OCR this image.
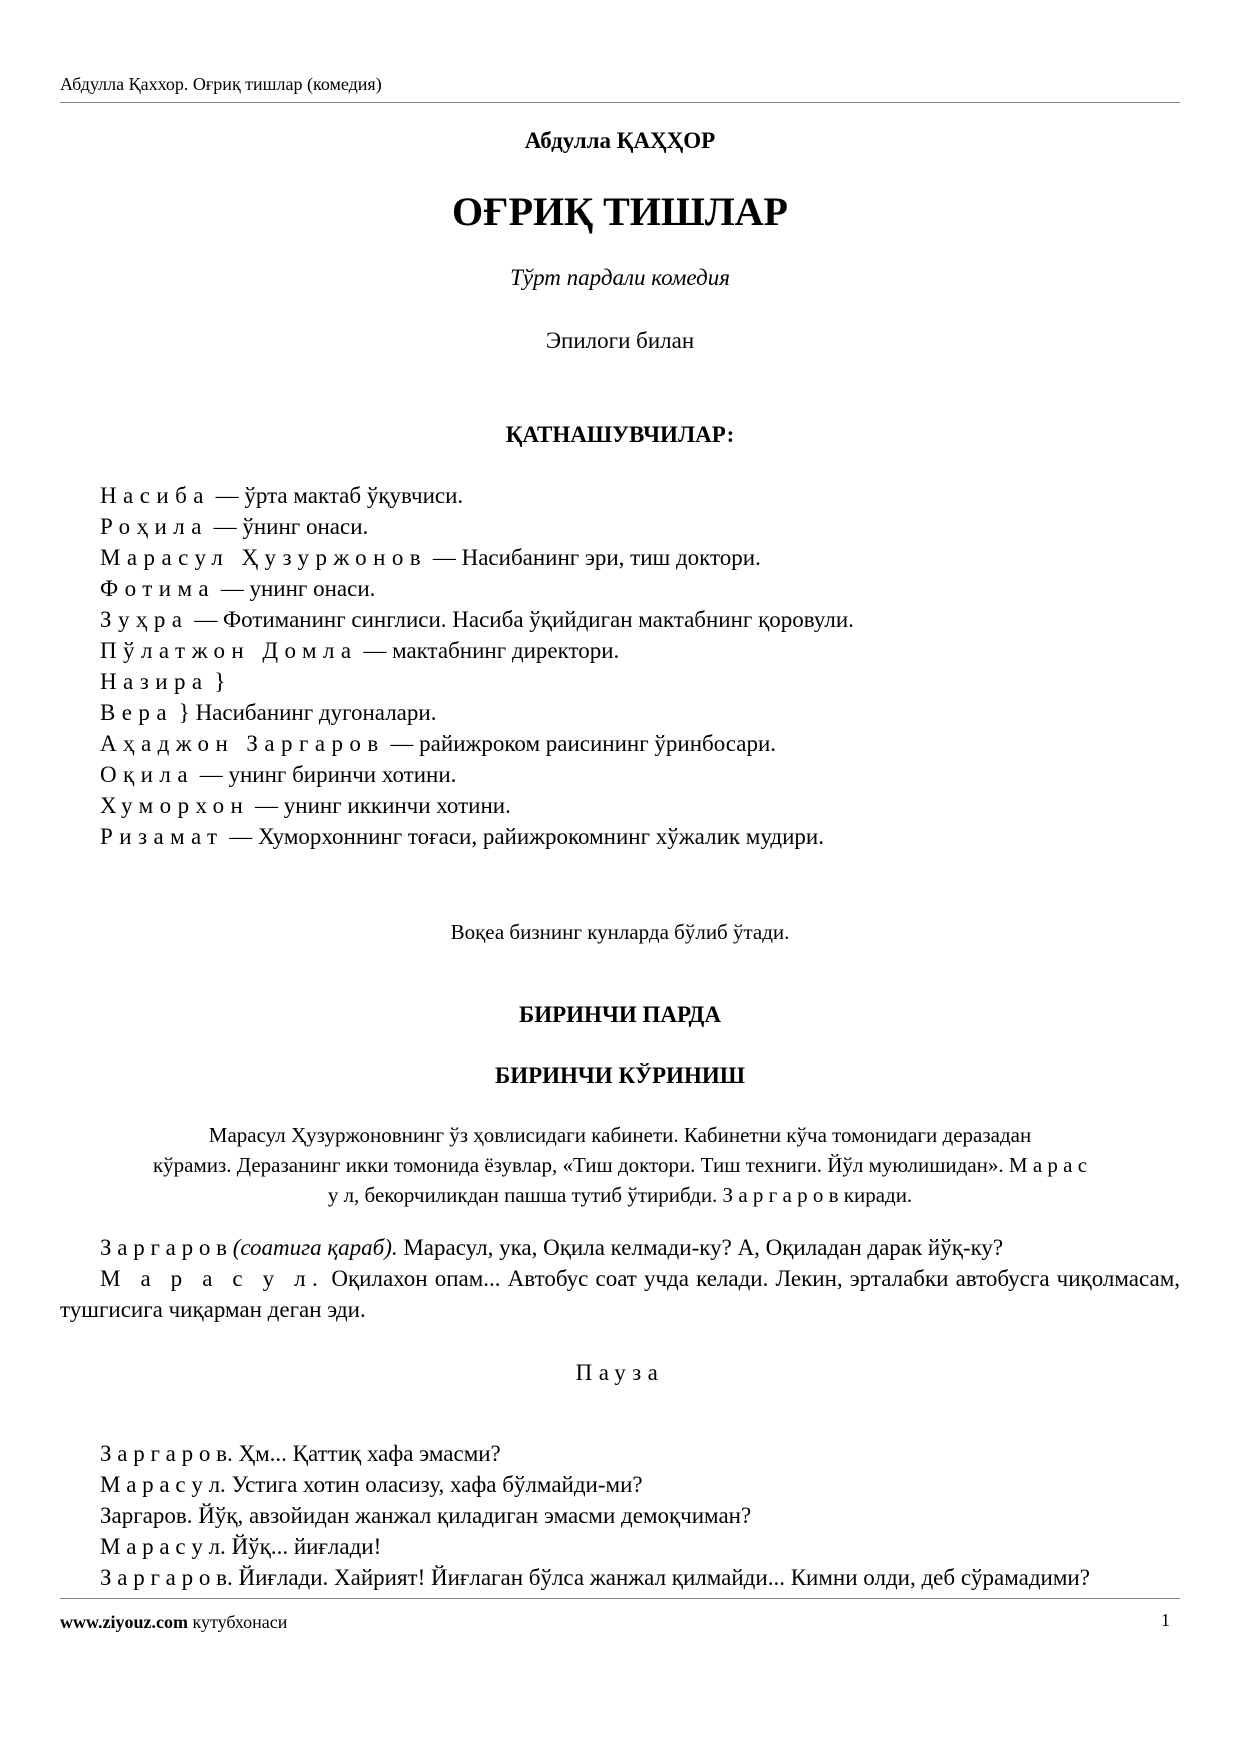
Абдулла Қаххор. Оғриқ тишлар (комедия)
Абдулла ҚАҲҲОР
ОҒРИҚ ТИШЛАР
Тўрт пардали комедия
Эпилоги билан
ҚАТНАШУВЧИЛАР:
Насиба — ўрта мактаб ўқувчиси.
Роҳила — ўнинг онаси.
Марасул Ҳузуржонов — Насибанинг эри, тиш доктори.
Фотима — унинг онаси.
Зуҳра — Фотиманинг синглиси. Насиба ўқийдиган мактабнинг қоровули.
Пўлатжон Домла — мактабнинг директори.
Назира }
Вера } Насибанинг дугоналари.
Аҳаджон Заргаров — райижроком раисининг ўринбосари.
Оқила — унинг биринчи хотини.
Хуморхон — унинг иккинчи хотини.
Ризамат — Хуморхоннинг тоғаси, райижрокомнинг хўжалик мудири.
Воқеа бизнинг кунларда бўлиб ўтади.
БИРИНЧИ ПАРДА
БИРИНЧИ КЎРИНИШ
Марасул Ҳузуржоновнинг ўз ҳовлисидаги кабинети. Кабинетни кўча томонидаги деразадан
кўрамиз. Деразанинг икки томонида ёзувлар, «Тиш доктори. Тиш техниги. Йўл муюлишидан». М а р а с
у л, бекорчиликдан пашша тутиб ўтирибди. З а р г а р о в киради.

З а р г а р о в (соатига қараб). Марасул, ука, Оқила келмади-ку? А, Оқиладан дарак йўқ-ку?

М а р а с у л. Оқилахон опам... Автобус соат учда келади. Лекин, эрталабки автобусга чиқолмасам, тушгисига чиқарман деган эди.

Пауза

З а р г а р о в. Ҳм... Қаттиқ хафа эмасми?

М а р а с у л. Устига хотин оласизу, хафа бўлмайди-ми?

Заргаров. Йўқ, авзойидан жанжал қиладиган эмасми демоқчиман?

М а р а с у л. Йўқ... йиғлади!

З а р г а р о в. Йиғлади. Хайрият! Йиғлаган бўлса жанжал қилмайди... Кимни олди, деб сўрамадими?

www.ziyouz.com кутубхонаси	1
